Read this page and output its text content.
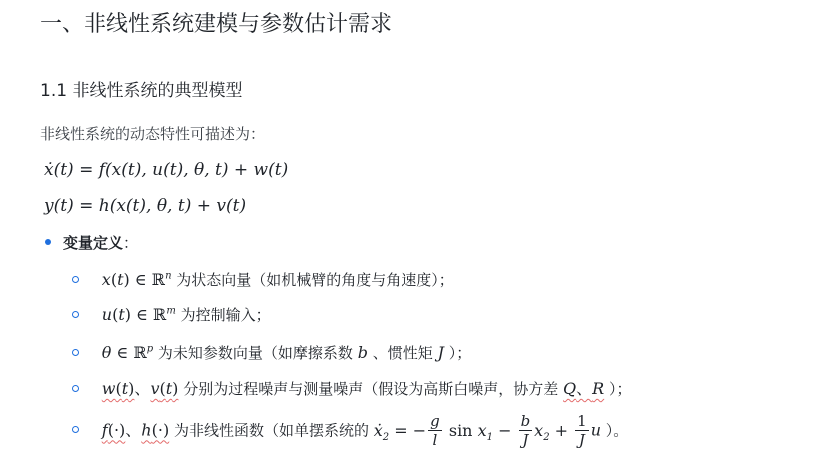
一、非线性系统建模与参数估计需求
1.1 非线性系统的典型模型
非线性系统的动态特性可描述为：
ẋ(t) = f(x(t), u(t), θ, t) + w(t)
y(t) = h(x(t), θ, t) + v(t)
变量定义：
x(t) ∈ ℝ$^n$ 为状态向量（如机械臂的角度与角速度）；
u(t) ∈ ℝ$^m$ 为控制输入；
θ ∈ ℝ$^p$ 为未知参数向量（如摩擦系数 b 、惯性矩 J ）；
w(t)、v(t) 分别为过程噪声与测量噪声（假设为高斯白噪声，协方差 Q、R ）；
f(·)、h(·) 为非线性函数（如单摆系统的 ẋ$_2$ = − $\frac{g}{l}$ $\sin x_1 - \frac{b}{J} x_2 + \frac{1}{J}$ u ）。
